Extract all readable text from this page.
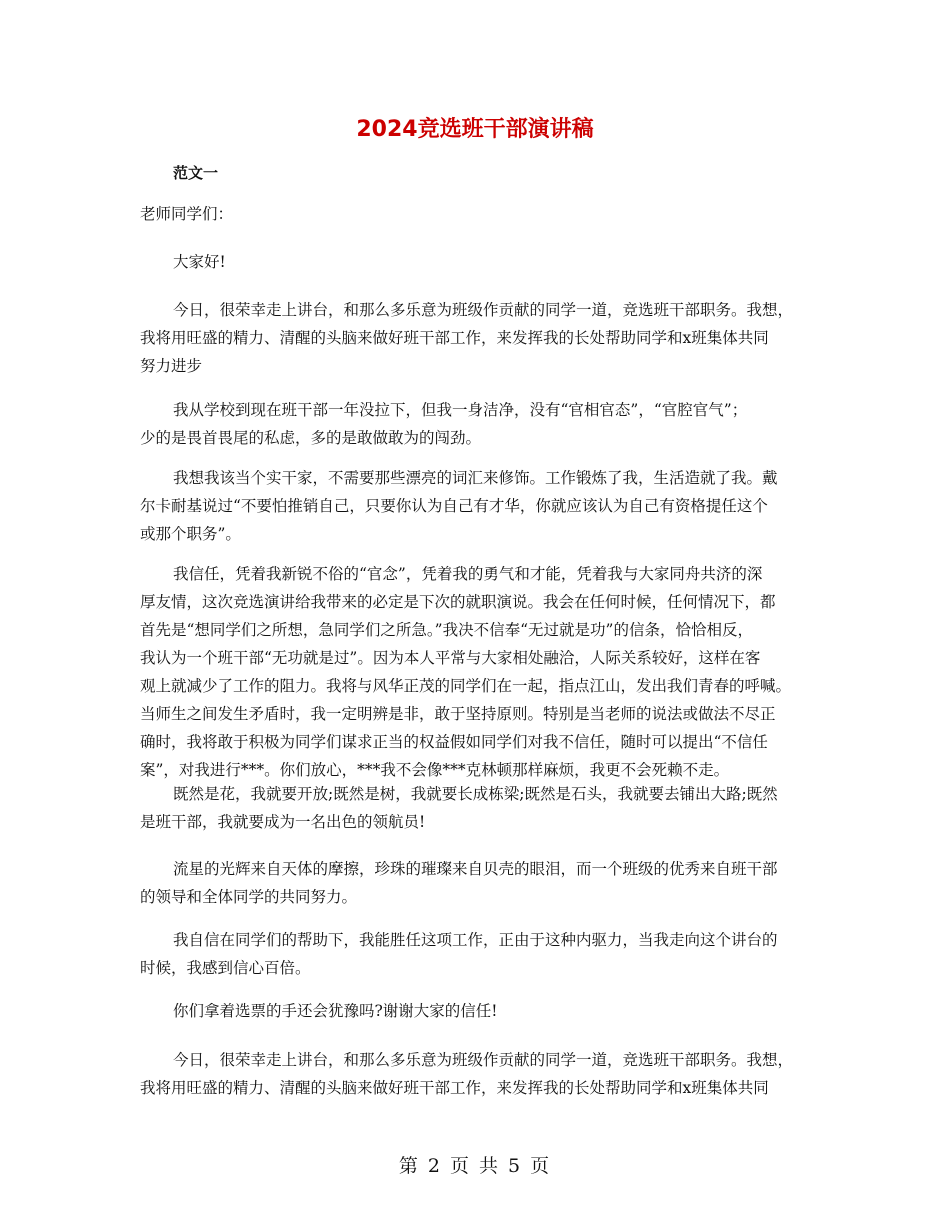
2024竞选班干部演讲稿
范文一
老师同学们：
大家好!
今日，很荣幸走上讲台，和那么多乐意为班级作贡献的同学一道，竞选班干部职务。我想，
我将用旺盛的精力、清醒的头脑来做好班干部工作，来发挥我的长处帮助同学和x班集体共同
努力进步
我从学校到现在班干部一年没拉下，但我一身洁净，没有“官相官态”，“官腔官气”；
少的是畏首畏尾的私虑，多的是敢做敢为的闯劲。
我想我该当个实干家，不需要那些漂亮的词汇来修饰。工作锻炼了我，生活造就了我。戴
尔卡耐基说过“不要怕推销自己，只要你认为自己有才华，你就应该认为自己有资格提任这个
或那个职务”。
我信任，凭着我新锐不俗的“官念”，凭着我的勇气和才能，凭着我与大家同舟共济的深
厚友情，这次竞选演讲给我带来的必定是下次的就职演说。我会在任何时候，任何情况下，都
首先是“想同学们之所想，急同学们之所急。”我决不信奉“无过就是功”的信条，恰恰相反，
我认为一个班干部“无功就是过”。因为本人平常与大家相处融洽，人际关系较好，这样在客
观上就减少了工作的阻力。我将与风华正茂的同学们在一起，指点江山，发出我们青春的呼喊。
当师生之间发生矛盾时，我一定明辨是非，敢于坚持原则。特别是当老师的说法或做法不尽正
确时，我将敢于积极为同学们谋求正当的权益假如同学们对我不信任，随时可以提出“不信任
案”，对我进行***。你们放心，***我不会像***克林顿那样麻烦，我更不会死赖不走。
既然是花，我就要开放;既然是树，我就要长成栋梁;既然是石头，我就要去铺出大路;既然
是班干部，我就要成为一名出色的领航员!
流星的光辉来自天体的摩擦，珍珠的璀璨来自贝壳的眼泪，而一个班级的优秀来自班干部
的领导和全体同学的共同努力。
我自信在同学们的帮助下，我能胜任这项工作，正由于这种内驱力，当我走向这个讲台的
时候，我感到信心百倍。
你们拿着选票的手还会犹豫吗?谢谢大家的信任!
今日，很荣幸走上讲台，和那么多乐意为班级作贡献的同学一道，竞选班干部职务。我想，
我将用旺盛的精力、清醒的头脑来做好班干部工作，来发挥我的长处帮助同学和x班集体共同
第 2 页 共 5 页
